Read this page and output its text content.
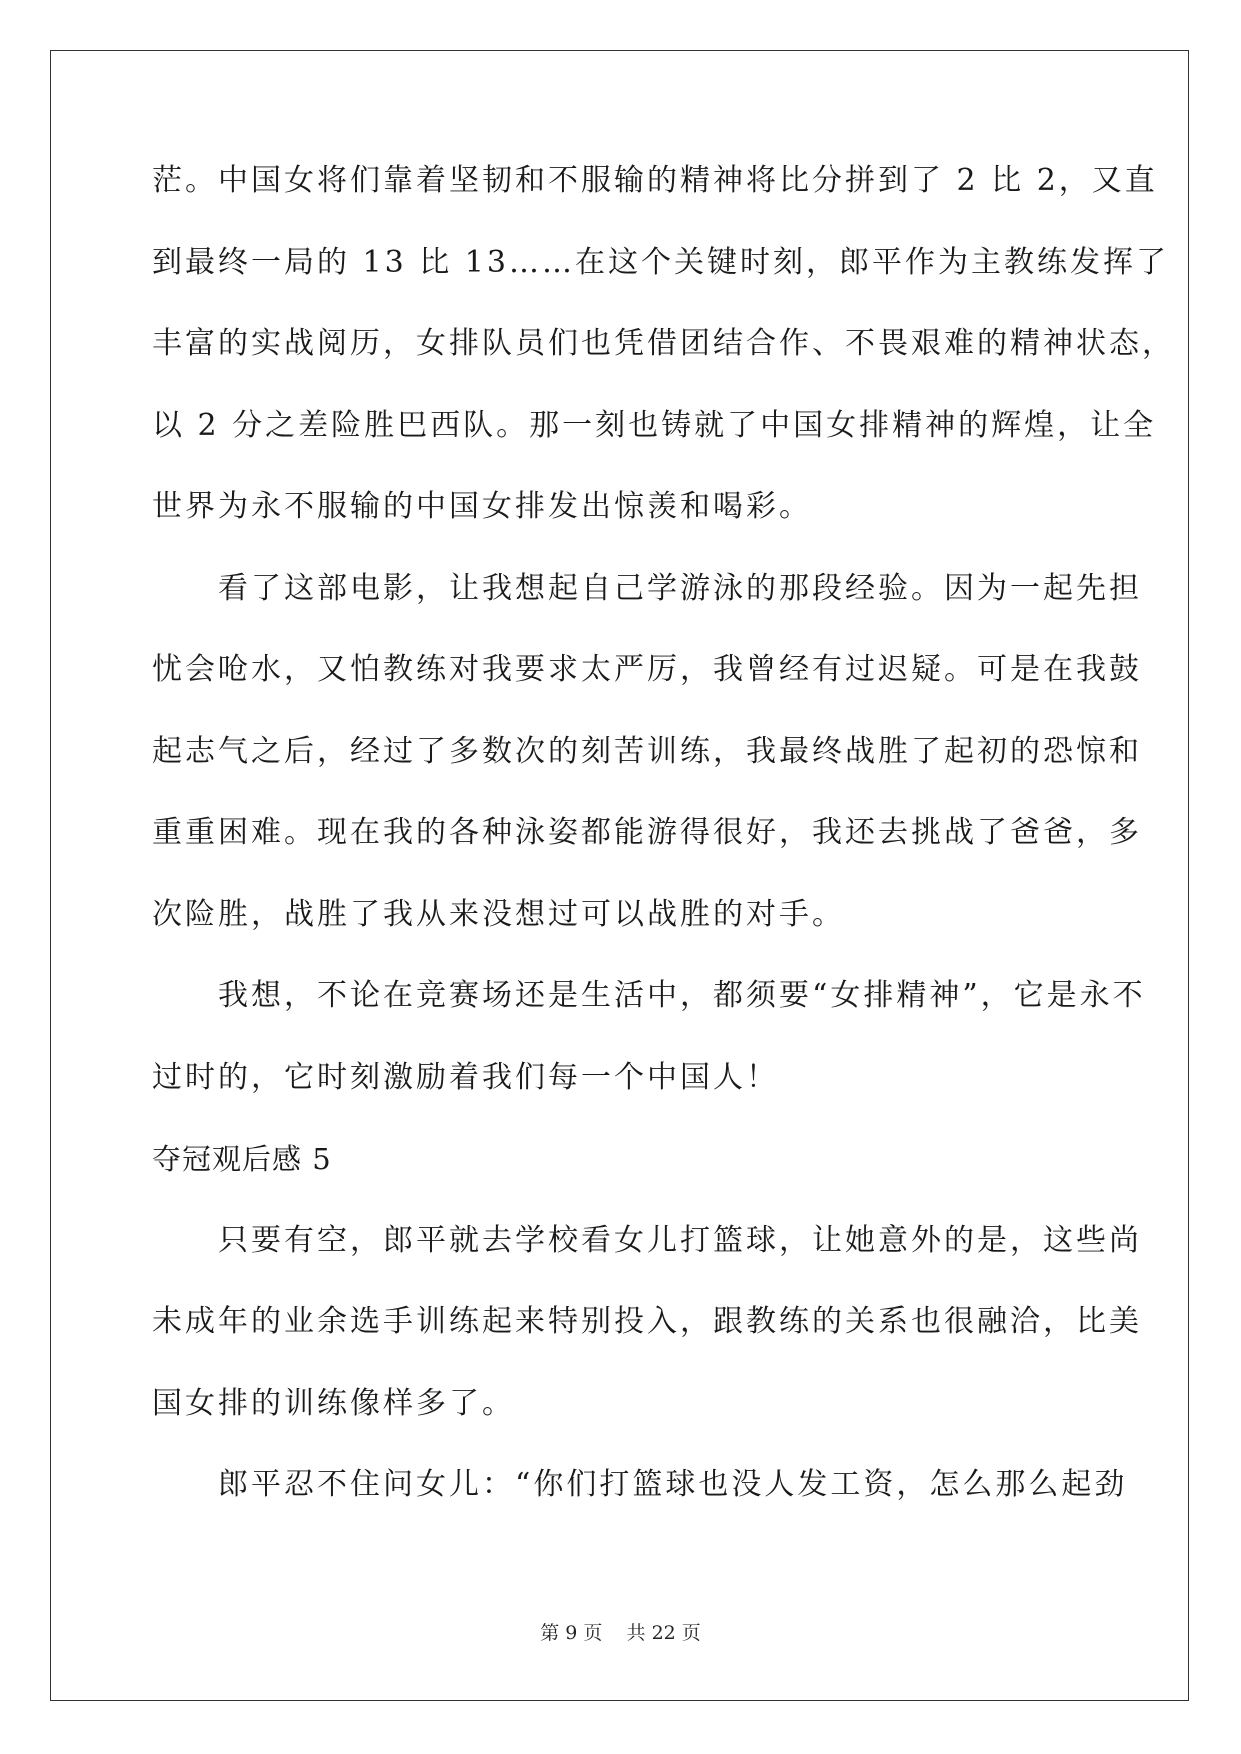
茫。中国女将们靠着坚韧和不服输的精神将比分拼到了 2 比 2，又直
到最终一局的 13 比 13……在这个关键时刻，郎平作为主教练发挥了
丰富的实战阅历，女排队员们也凭借团结合作、不畏艰难的精神状态，
以 2 分之差险胜巴西队。那一刻也铸就了中国女排精神的辉煌，让全
世界为永不服输的中国女排发出惊羡和喝彩。
　　看了这部电影，让我想起自己学游泳的那段经验。因为一起先担
忧会呛水，又怕教练对我要求太严厉，我曾经有过迟疑。可是在我鼓
起志气之后，经过了多数次的刻苦训练，我最终战胜了起初的恐惊和
重重困难。现在我的各种泳姿都能游得很好，我还去挑战了爸爸，多
次险胜，战胜了我从来没想过可以战胜的对手。
　　我想，不论在竞赛场还是生活中，都须要“女排精神”，它是永不
过时的，它时刻激励着我们每一个中国人！
夺冠观后感 5
　　只要有空，郎平就去学校看女儿打篮球，让她意外的是，这些尚
未成年的业余选手训练起来特别投入，跟教练的关系也很融洽，比美
国女排的训练像样多了。
　　郎平忍不住问女儿：“你们打篮球也没人发工资，怎么那么起劲
第 9 页 共 22 页
